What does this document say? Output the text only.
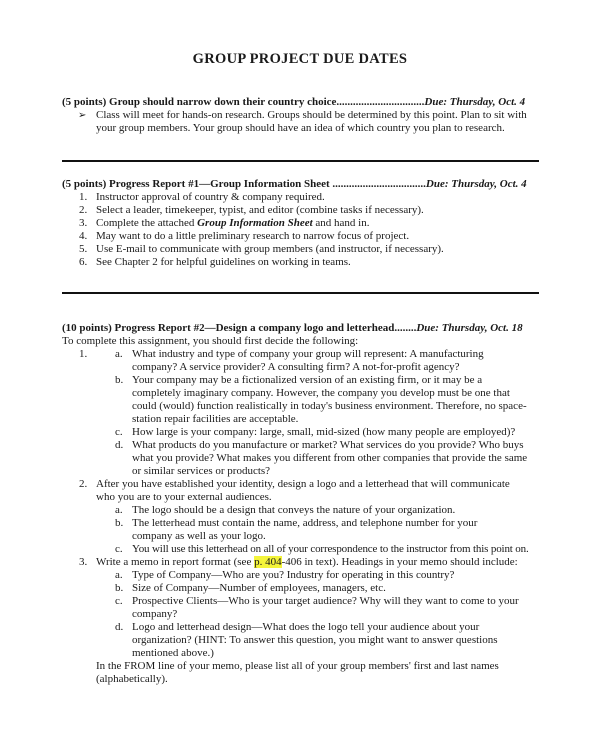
GROUP PROJECT DUE DATES
(5 points) Group should narrow down their country choice................................Due: Thursday, Oct. 4
➢ Class will meet for hands-on research. Groups should be determined by this point. Plan to sit with
your group members. Your group should have an idea of which country you plan to research.
(5 points) Progress Report #1—Group Information Sheet ..................................Due: Thursday, Oct. 4
1. Instructor approval of country & company required.
2. Select a leader, timekeeper, typist, and editor (combine tasks if necessary).
3. Complete the attached Group Information Sheet and hand in.
4. May want to do a little preliminary research to narrow focus of project.
5. Use E-mail to communicate with group members (and instructor, if necessary).
6. See Chapter 2 for helpful guidelines on working in teams.
(10 points) Progress Report #2—Design a company logo and letterhead........Due: Thursday, Oct. 18
To complete this assignment, you should first decide the following:
1.	a. What industry and type of company your group will represent: A manufacturing
company? A service provider? A consulting firm? A not-for-profit agency?
b. Your company may be a fictionalized version of an existing firm, or it may be a
completely imaginary company. However, the company you develop must be one that
could (would) function realistically in today's business environment. Therefore, no space-
station repair facilities are acceptable.
c. How large is your company: large, small, mid-sized (how many people are employed)?
d. What products do you manufacture or market? What services do you provide? Who buys
what you provide? What makes you different from other companies that provide the same
or similar services or products?
2. After you have established your identity, design a logo and a letterhead that will communicate
who you are to your external audiences.
a. The logo should be a design that conveys the nature of your organization.
b. The letterhead must contain the name, address, and telephone number for your
company as well as your logo.
c. You will use this letterhead on all of your correspondence to the instructor from this point on.
3. Write a memo in report format (see p. 404-406 in text). Headings in your memo should include:
a. Type of Company—Who are you? Industry for operating in this country?
b. Size of Company—Number of employees, managers, etc.
c. Prospective Clients—Who is your target audience? Why will they want to come to your
company?
d. Logo and letterhead design—What does the logo tell your audience about your
organization? (HINT: To answer this question, you might want to answer questions
mentioned above.)
In the FROM line of your memo, please list all of your group members' first and last names
(alphabetically).
